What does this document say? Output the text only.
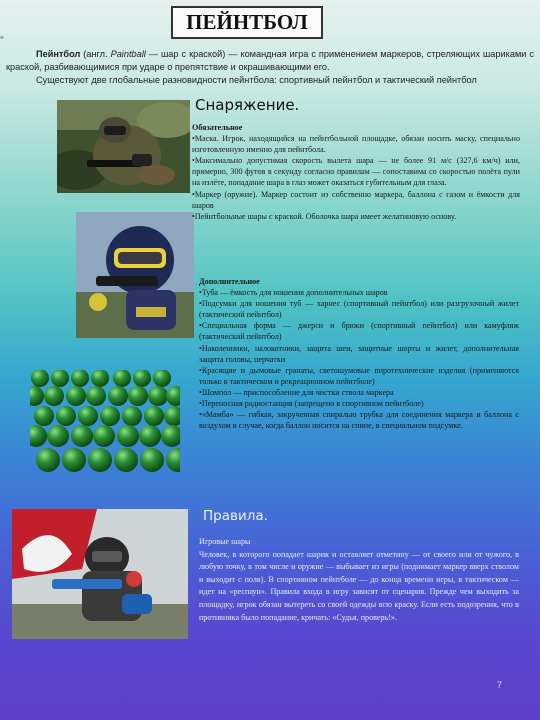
≡
ПЕЙНТБОЛ

Пейнтбол (англ. Paintball — шар с краской) — командная игра с применением маркеров, стреляющих шариками с краской, разбивающимися при ударе о препятствие и окрашивающими его.

Существуют две глобальные разновидности пейнтбола: спортивный пейнтбол и тактический пейнтбол

Снаряжение.
Обязательное
•Маска. Игрок, находящийся на пейнтбольной площадке, обязан носить маску, специально изготовленную именно для пейнтбола.
•Максимально допустимая скорость вылета шара — не более 91 м/с (327,6 км/ч) или, примерно, 300 футов в секунду согласно правилам — сопоставима со скоростью полёта пули на излёте, попадание шара в глаз может оказаться губительным для глаза.
•Маркер (оружие). Маркер состоит из собственно маркера, баллона с газом и ёмкости для шаров
•Пейнтбольные шары с краской. Оболочка шара имеет желатиновую основу.
Дополнительное
•Туба — ёмкость для ношения дополнительных шаров
•Подсумки для ношения туб — харнес (спортивный пейнтбол) или разгрузочный жилет (тактический пейнтбол)
•Специальная форма — джерси и брюки (спортивный пейнтбол) или камуфляж (тактический пейнтбол)
•Наколенники, налокотники, защита шеи, защитные шорты и жилет, дополнительная защита головы, перчатки
•Красящие и дымовые гранаты, светошумовые пиротехнические изделия (применяются только в тактическом и рекреационном пейнтболе)
•Шомпол — приспособление для чистки ствола маркера
•Переносная радиостанция (запрещено в спортивном пейнтболе)
•«Мамба» — гибкая, закрученная спиралью трубка для соединения маркера и баллона с воздухом в случае, когда баллон носится на спине, в специальном подсумке.
Правила.
Игровые шары
Человек, в которого попадает шарик и оставляет отметину — от своего или от чужого, в любую точку, в том числе и оружие — выбывает из игры (поднимает маркер вверх стволом и выходит с поля). В спортивном пейнтболе — до конца времени игры, в тактическом — идет на «респаун». Правила входа в игру зависят от сценария. Прежде чем выходить за площадку, игрок обязан вытереть со своей одежды всю краску. Если есть подозрения, что в противника было попадание, кричать: «Судья, проверь!».
7
